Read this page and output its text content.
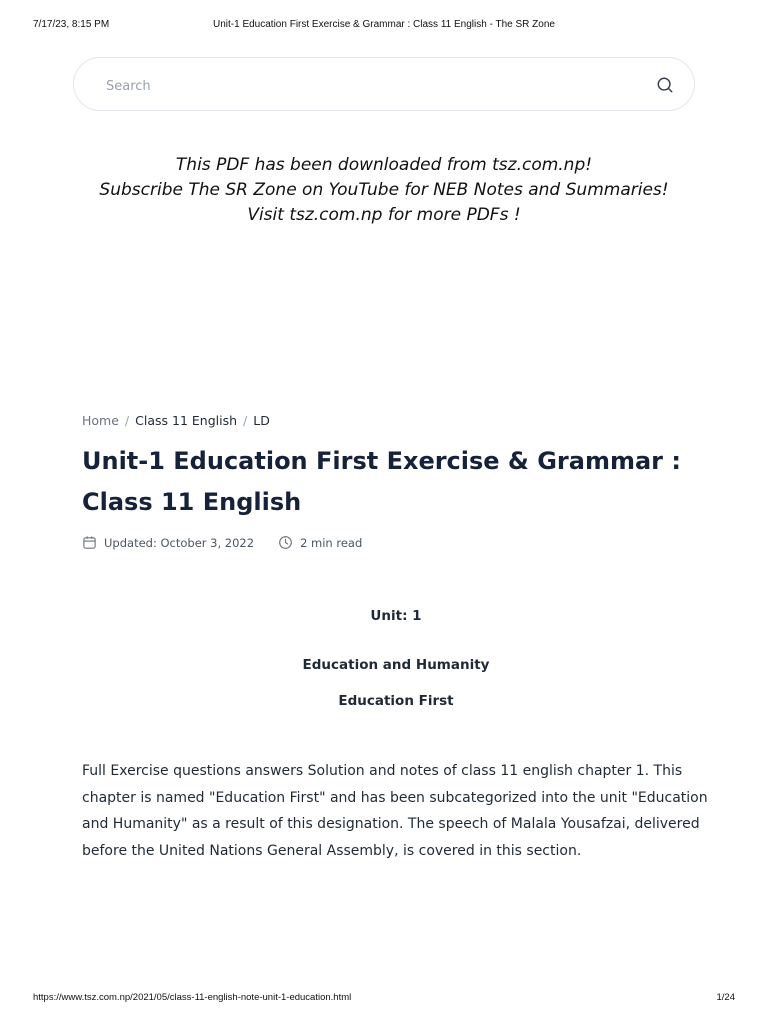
7/17/23, 8:15 PM	Unit-1 Education First Exercise & Grammar : Class 11 English - The SR Zone
Search
This PDF has been downloaded from tsz.com.np!
Subscribe The SR Zone on YouTube for NEB Notes and Summaries!
Visit tsz.com.np for more PDFs !
Home / Class 11 English / LD
Unit-1 Education First Exercise & Grammar : Class 11 English
Updated: October 3, 2022	2 min read
Unit: 1
Education and Humanity
Education First

Full Exercise questions answers Solution and notes of class 11 english chapter 1. This chapter is named "Education First" and has been subcategorized into the unit "Education and Humanity" as a result of this designation. The speech of Malala Yousafzai, delivered before the United Nations General Assembly, is covered in this section.

https://www.tsz.com.np/2021/05/class-11-english-note-unit-1-education.html	1/24
